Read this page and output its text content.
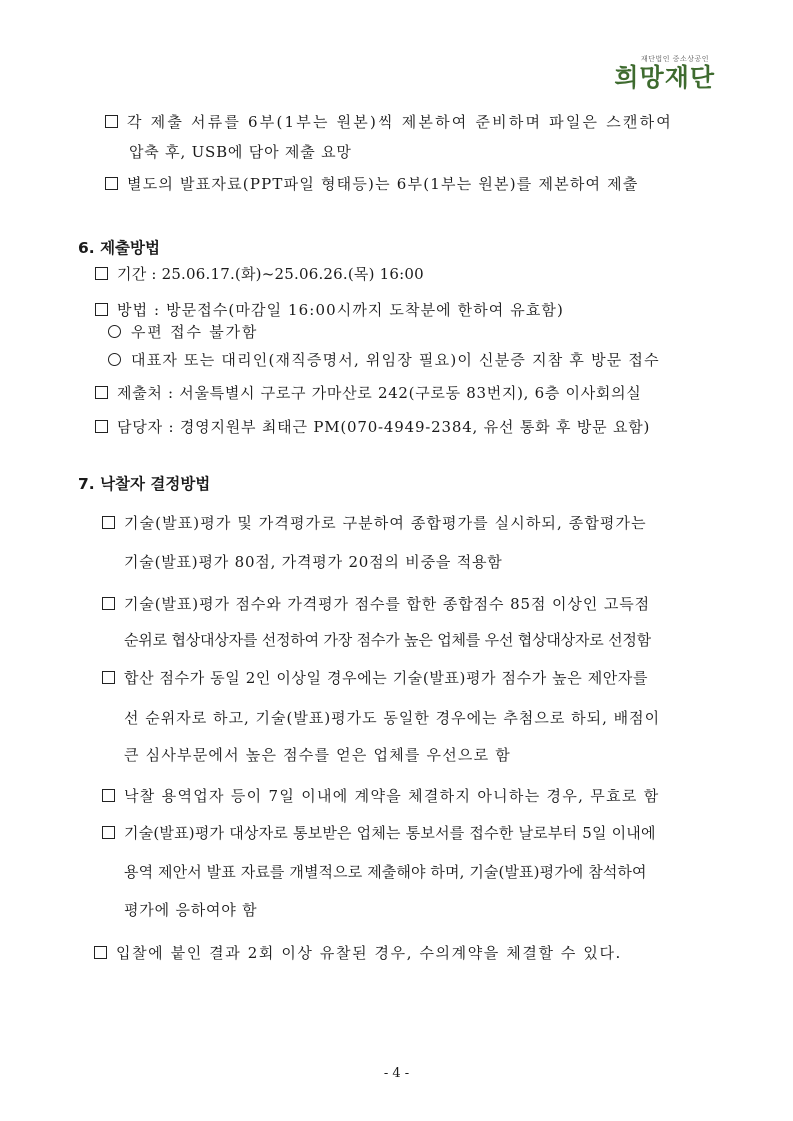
재단법인 중소상공인
희망재단
각 제출 서류를 6부(1부는 원본)씩 제본하여 준비하며 파일은 스캔하여
압축 후, USB에 담아 제출 요망
별도의 발표자료(PPT파일 형태등)는 6부(1부는 원본)를 제본하여 제출
6. 제출방법
기간 : 25.06.17.(화)~25.06.26.(목) 16:00
방법 : 방문접수(마감일 16:00시까지 도착분에 한하여 유효함)
우편 접수 불가함
대표자 또는 대리인(재직증명서, 위임장 필요)이 신분증 지참 후 방문 접수
제출처 : 서울특별시 구로구 가마산로 242(구로동 83번지), 6층 이사회의실
담당자 : 경영지원부 최태근 PM(070-4949-2384, 유선 통화 후 방문 요함)
7. 낙찰자 결정방법
기술(발표)평가 및 가격평가로 구분하여 종합평가를 실시하되, 종합평가는
기술(발표)평가 80점, 가격평가 20점의 비중을 적용함
기술(발표)평가 점수와 가격평가 점수를 합한 종합점수 85점 이상인 고득점
순위로 협상대상자를 선정하여 가장 점수가 높은 업체를 우선 협상대상자로 선정함
합산 점수가 동일 2인 이상일 경우에는 기술(발표)평가 점수가 높은 제안자를
선 순위자로 하고, 기술(발표)평가도 동일한 경우에는 추첨으로 하되, 배점이
큰 심사부문에서 높은 점수를 얻은 업체를 우선으로 함
낙찰 용역업자 등이 7일 이내에 계약을 체결하지 아니하는 경우, 무효로 함
기술(발표)평가 대상자로 통보받은 업체는 통보서를 접수한 날로부터 5일 이내에
용역 제안서 발표 자료를 개별적으로 제출해야 하며, 기술(발표)평가에 참석하여
평가에 응하여야 함
입찰에 붙인 결과 2회 이상 유찰된 경우, 수의계약을 체결할 수 있다.
- 4 -
